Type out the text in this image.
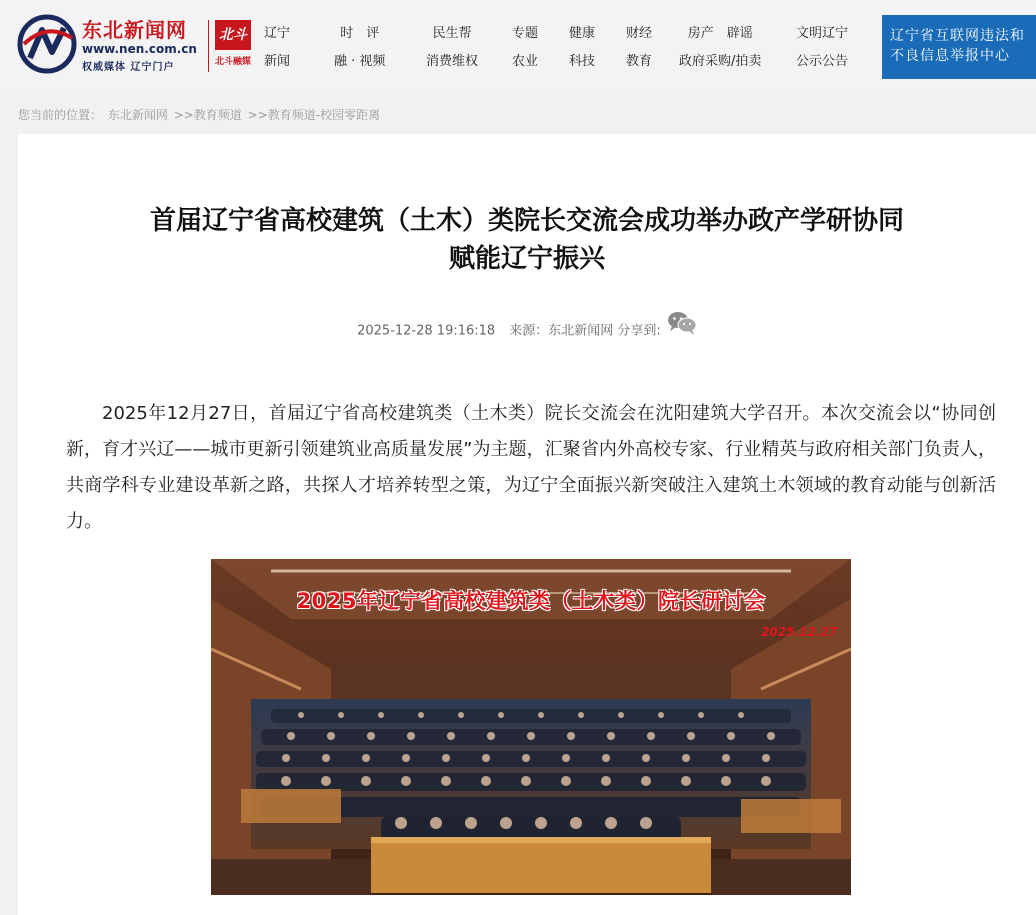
东北新闻网
www.nen.com.cn
权威媒体 辽宁门户
北斗
北斗融媒
辽宁
新闻
时　评
融 · 视频
民生帮
消费维权
专题
农业
健康
科技
财经
教育
房产　辟谣
政府采购/拍卖
文明辽宁
公示公告
辽宁省互联网违法和
不良信息举报中心
您当前的位置： 东北新闻网 >>教育频道 >>教育频道-校园零距离
首届辽宁省高校建筑（土木）类院长交流会成功举办政产学研协同
赋能辽宁振兴
2025-12-28 19:16:18 来源：东北新闻网 分享到:

2025年12月27日，首届辽宁省高校建筑类（土木类）院长交流会在沈阳建筑大学召开。本次交流会以“协同创新，育才兴辽——城市更新引领建筑业高质量发展”为主题，汇聚省内外高校专家、行业精英与政府相关部门负责人，共商学科专业建设革新之路，共探人才培养转型之策，为辽宁全面振兴新突破注入建筑土木领域的教育动能与创新活力。

2025年辽宁省高校建筑类（土木类）院长研讨会
2025.12.27
